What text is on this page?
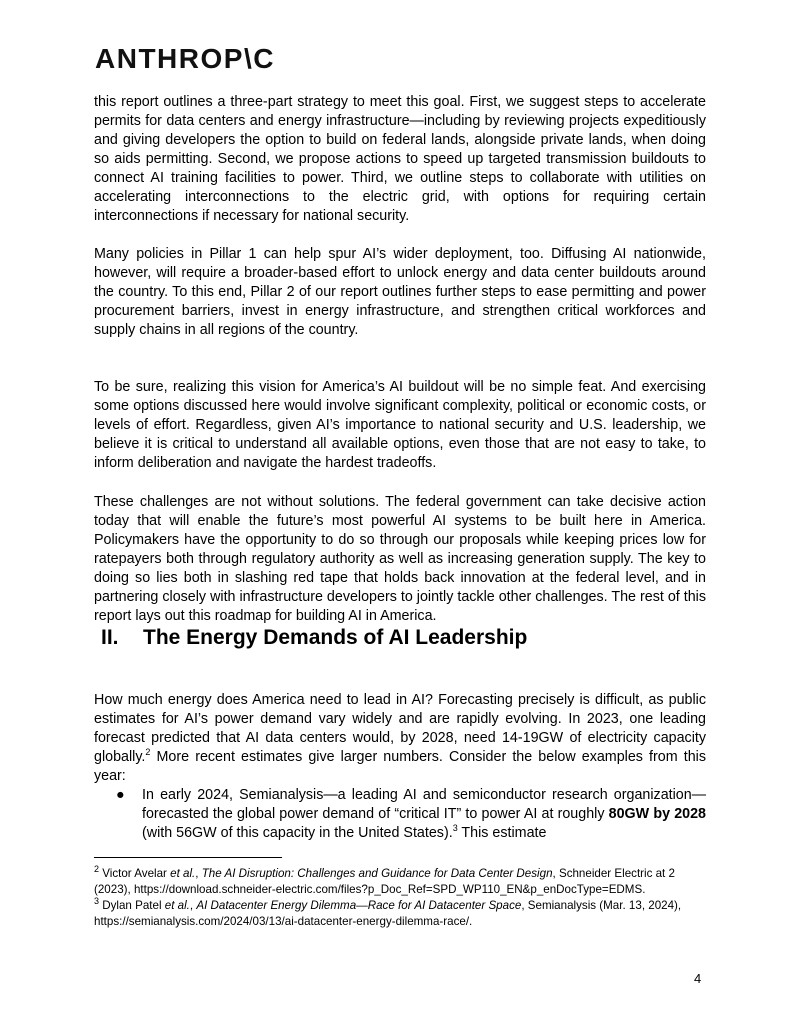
ANTHROP\C

this report outlines a three-part strategy to meet this goal. First, we suggest steps to accelerate permits for data centers and energy infrastructure—including by reviewing projects expeditiously and giving developers the option to build on federal lands, alongside private lands, when doing so aids permitting. Second, we propose actions to speed up targeted transmission buildouts to connect AI training facilities to power. Third, we outline steps to collaborate with utilities on accelerating interconnections to the electric grid, with options for requiring certain interconnections if necessary for national security.

Many policies in Pillar 1 can help spur AI’s wider deployment, too. Diffusing AI nationwide, however, will require a broader-based effort to unlock energy and data center buildouts around the country. To this end, Pillar 2 of our report outlines further steps to ease permitting and power procurement barriers, invest in energy infrastructure, and strengthen critical workforces and supply chains in all regions of the country.

To be sure, realizing this vision for America’s AI buildout will be no simple feat. And exercising some options discussed here would involve significant complexity, political or economic costs, or levels of effort. Regardless, given AI’s importance to national security and U.S. leadership, we believe it is critical to understand all available options, even those that are not easy to take, to inform deliberation and navigate the hardest tradeoffs.

These challenges are not without solutions. The federal government can take decisive action today that will enable the future’s most powerful AI systems to be built here in America. Policymakers have the opportunity to do so through our proposals while keeping prices low for ratepayers both through regulatory authority as well as increasing generation supply. The key to doing so lies both in slashing red tape that holds back innovation at the federal level, and in partnering closely with infrastructure developers to jointly tackle other challenges. The rest of this report lays out this roadmap for building AI in America.

II. The Energy Demands of AI Leadership

How much energy does America need to lead in AI? Forecasting precisely is difficult, as public estimates for AI’s power demand vary widely and are rapidly evolving. In 2023, one leading forecast predicted that AI data centers would, by 2028, need 14-19GW of electricity capacity globally.$^2$ More recent estimates give larger numbers. Consider the below examples from this year:

● In early 2024, Semianalysis—a leading AI and semiconductor research organization—forecasted the global power demand of “critical IT” to power AI at roughly 80GW by 2028 (with 56GW of this capacity in the United States).$^3$ This estimate

$^2$ Victor Avelar et al., The AI Disruption: Challenges and Guidance for Data Center Design, Schneider Electric at 2 (2023), https://download.schneider-electric.com/files?p_Doc_Ref=SPD_WP110_EN&p_enDocType=EDMS.

$^3$ Dylan Patel et al., AI Datacenter Energy Dilemma—Race for AI Datacenter Space, Semianalysis (Mar. 13, 2024), https://semianalysis.com/2024/03/13/ai-datacenter-energy-dilemma-race/.

4
